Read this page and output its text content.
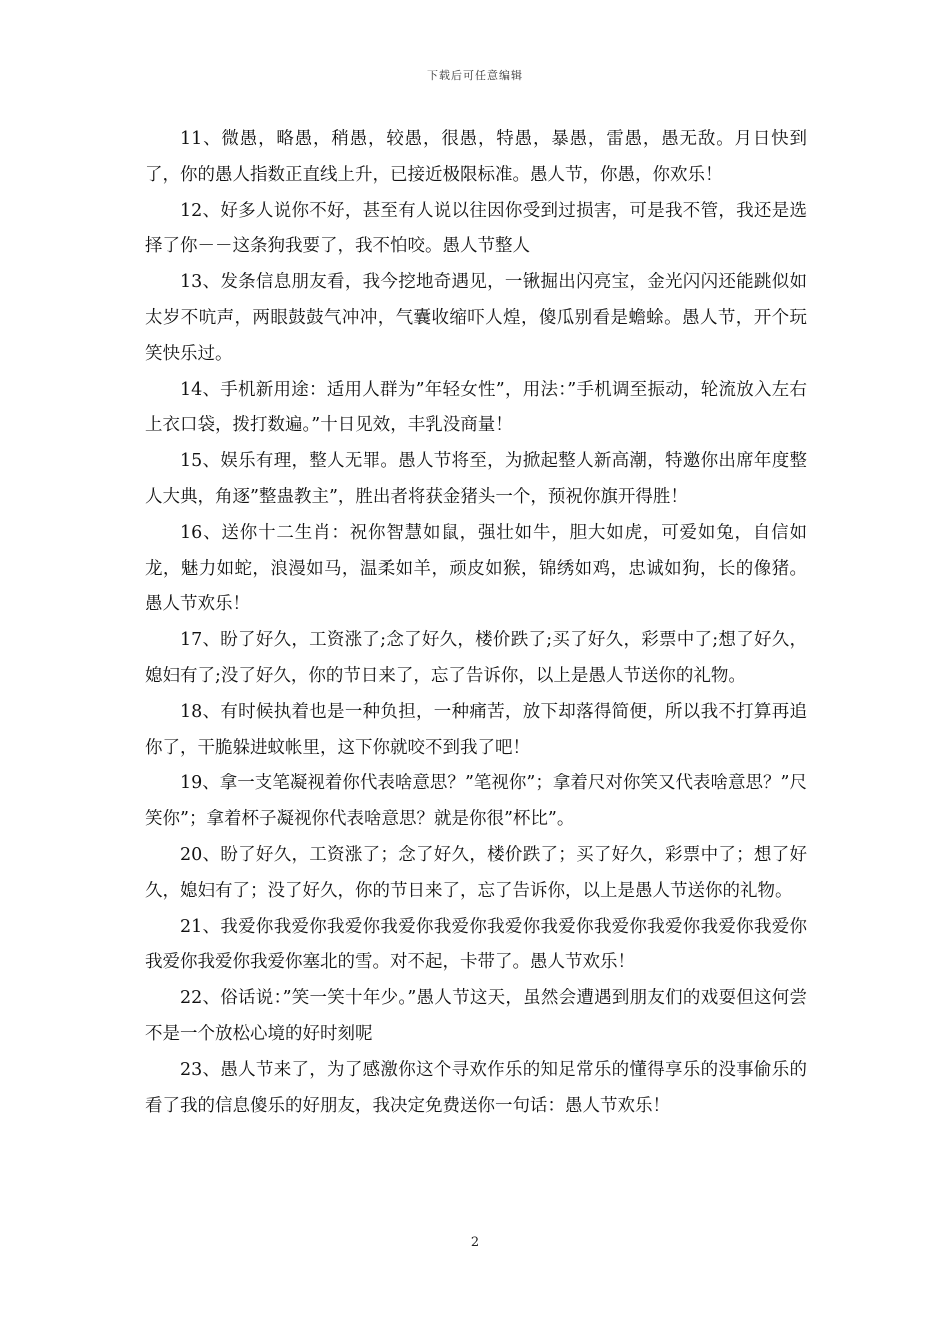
下载后可任意编辑

11、微愚，略愚，稍愚，较愚，很愚，特愚，暴愚，雷愚，愚无敌。月日快到了，你的愚人指数正直线上升，已接近极限标准。愚人节，你愚，你欢乐！

12、好多人说你不好，甚至有人说以往因你受到过损害，可是我不管，我还是选择了你－－这条狗我要了，我不怕咬。愚人节整人

13、发条信息朋友看，我今挖地奇遇见，一锹掘出闪亮宝，金光闪闪还能跳似如太岁不吭声，两眼鼓鼓气冲冲，气囊收缩吓人煌，傻瓜别看是蟾蜍。愚人节，开个玩笑快乐过。

14、手机新用途：适用人群为”年轻女性”，用法：”手机调至振动，轮流放入左右上衣口袋，拨打数遍。”十日见效，丰乳没商量！

15、娱乐有理，整人无罪。愚人节将至，为掀起整人新高潮，特邀你出席年度整人大典，角逐”整蛊教主”，胜出者将获金猪头一个，预祝你旗开得胜！

16、送你十二生肖：祝你智慧如鼠，强壮如牛，胆大如虎，可爱如兔，自信如龙，魅力如蛇，浪漫如马，温柔如羊，顽皮如猴，锦绣如鸡，忠诚如狗，长的像猪。愚人节欢乐！

17、盼了好久，工资涨了;念了好久，楼价跌了;买了好久，彩票中了;想了好久，媳妇有了;没了好久，你的节日来了，忘了告诉你，以上是愚人节送你的礼物。

18、有时候执着也是一种负担，一种痛苦，放下却落得简便，所以我不打算再追你了，干脆躲进蚊帐里，这下你就咬不到我了吧！

19、拿一支笔凝视着你代表啥意思？”笔视你”；拿着尺对你笑又代表啥意思？”尺笑你”；拿着杯子凝视你代表啥意思？就是你很”杯比”。

20、盼了好久，工资涨了；念了好久，楼价跌了；买了好久，彩票中了；想了好久，媳妇有了；没了好久，你的节日来了，忘了告诉你，以上是愚人节送你的礼物。

21、我爱你我爱你我爱你我爱你我爱你我爱你我爱你我爱你我爱你我爱你我爱你我爱你我爱你我爱你塞北的雪。对不起，卡带了。愚人节欢乐！

22、俗话说：”笑一笑十年少。”愚人节这天，虽然会遭遇到朋友们的戏耍但这何尝不是一个放松心境的好时刻呢

23、愚人节来了，为了感激你这个寻欢作乐的知足常乐的懂得享乐的没事偷乐的看了我的信息傻乐的好朋友，我决定免费送你一句话：愚人节欢乐！

2
